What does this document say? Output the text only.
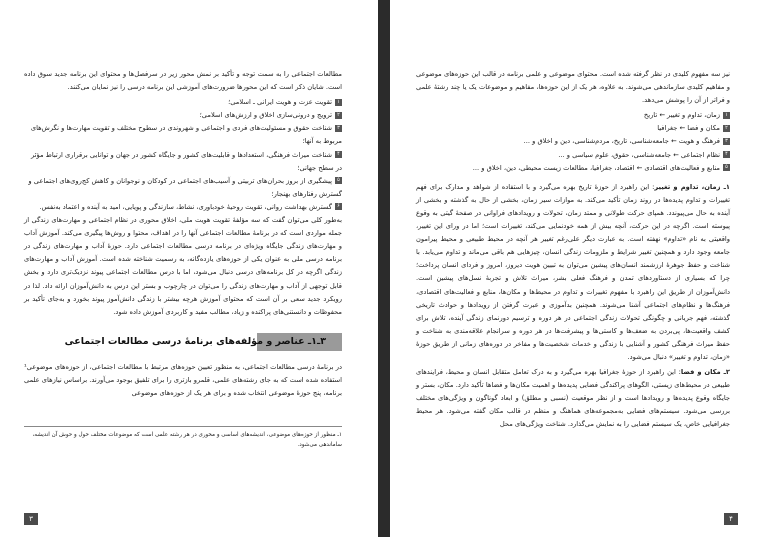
مطالعات اجتماعی را به سمت توجه و تأکید بر نمش محور زیر در سرفصل‌ها و محتوای این برنامه جدید سوق داده است. شایان ذکر است که این محورها ضرورت‌های آموزشی این برنامه درسی را نیز نمایان می‌کنند.

۱تقویت عزت و هویت ایرانی ـ اسلامی؛

۲ترویج و درونی‌سازی اخلاق و ارزش‌های اسلامی؛

۳شناخت حقوق و مسئولیت‌های فردی و اجتماعی و شهروندی در سطوح مختلف و تقویت مهارت‌ها و نگرش‌های مربوط به آنها؛

۴شناخت میراث فرهنگی، استعدادها و قابلیت‌های کشور و جایگاه کشور در جهان و توانایی برقراری ارتباط مؤثر در سطح جهانی؛

۵پیشگیری از بروز بحران‌های تربیتی و آسیب‌های اجتماعی در کودکان و نوجوانان و کاهش کج‌روی‌های اجتماعی و گسترش رفتارهای بهنجار؛

۶گسترش بهداشت روانی، تقویت روحیهٔ خودباوری، نشاط، سازندگی و پویایی، امید به آینده و اعتماد به‌نفس.

به‌طور کلی می‌توان گفت که سه مؤلفهٔ تقویت هویت ملی، اخلاق محوری در نظام اجتماعی و مهارت‌های زندگی از جمله مواردی است که در برنامهٔ مطالعات اجتماعی آنها را در اهداف، محتوا و روش‌ها پیگیری می‌کند. آموزش آداب و مهارت‌های زندگی جایگاه ویژه‌ای در برنامه درسی مطالعات اجتماعی دارد. حوزهٔ آداب و مهارت‌های زندگی در برنامه درسی ملی به عنوان یکی از حوزه‌های یازده‌گانه، به رسمیت شناخته شده است. آموزش آداب و مهارت‌های زندگی اگرچه در کل برنامه‌های درسی دنبال می‌شود، اما با درس مطالعات اجتماعی پیوند نزدیک‌تری دارد و بخش قابل توجهی از آداب و مهارت‌های زندگی را می‌توان در چارچوب و بستر این درس به دانش‌آموزان ارائه داد. لذا در رویکرد جدید سعی بر آن است که محتوای آموزش هرچه بیشتر با زندگی دانش‌آموز پیوند بخورد و به‌جای تأکید بر محفوظات و دانستنی‌های پراکنده و زیاد، مطالب مفید و کاربردی آموزش داده شود.

۳ـ۱ـ عناصر و مؤلفه‌های برنامهٔ درسی مطالعات اجتماعی

در برنامهٔ درسی مطالعات اجتماعی، به منظور تعیین حوزه‌های مرتبط با مطالعات اجتماعی، از حوزه‌های موضوعی¹ استفاده شده است که به جای رشته‌های علمی، قلمرو بازتری را برای تلفیق بوجود می‌آورند. براساس نیازهای علمی برنامه، پنج حوزهٔ موضوعی انتخاب شده و برای هر یک از حوزه‌های موضوعی

۱ـ منظور از حوزه‌های موضوعی، اندیشه‌های اساسی و محوری در هر رشته علمی است که موضوعات مختلف حول و حوش آن اندیشه، ساماندهی می‌شود.

۳

نیز سه مفهوم کلیدی در نظر گرفته شده است. محتوای موضوعی و علمی برنامه در قالب این حوزه‌های موضوعی و مفاهیم کلیدی سازماندهی می‌شوند. به علاوه، هر یک از این حوزه‌ها، مفاهیم و موضوعات یک یا چند رشتهٔ علمی و فراتر از آن را پوشش می‌دهد.

۱زمان، تداوم و تغییر ← تاریخ

۲مکان و فضا ← جغرافیا

۳فرهنگ و هویت ← جامعه‌شناسی، تاریخ، مردم‌شناسی، دین و اخلاق و ...

۴نظام اجتماعی ← جامعه‌شناسی، حقوق، علوم سیاسی و ...

۵منابع و فعالیت‌های اقتصادی ← اقتصاد، جغرافیا، مطالعات زیست محیطی، دین، اخلاق و ...

۱ـ زمان، تداوم و تغییر: این راهبرد از حوزهٔ تاریخ بهره می‌گیرد و با استفاده از شواهد و مدارک برای فهم تغییرات و تداوم پدیده‌ها در روند زمان تأکید می‌کند. به موازات سیر زمان، بخشی از حال به گذشته و بخشی از آینده به حال می‌پیوندد. همپای حرکت طولانی و ممتد زمان، تحولات و رویدادهای فراوانی در صفحهٔ گیتی به وقوع پیوسته است. اگرچه در این حرکت، آنچه بیش از همه خودنمایی می‌کند، تغییرات است؛ اما در ورای این تغییر، واقعیتی به نام «تداوم» نهفته است. به عبارت دیگر علی‌رغم تغییر هر آنچه در محیط طبیعی و محیط پیرامون جامعه وجود دارد و همچنین تغییر شرایط و ملزومات زندگی انسان، چیزهایی هم باقی می‌ماند و تداوم می‌یابد. با شناخت و حفظ جوهرهٔ ارزشمند انسان‌های پیشین می‌توان به تبیین هویت دیروز، امروز و فردای انسان پرداخت؛ چرا که بسیاری از دستاوردهای تمدن و فرهنگ فعلی بشر، میراث تلاش و تجربهٔ نسل‌های پیشین است. دانش‌آموزان از طریق این راهبرد با مفهوم تغییرات و تداوم در محیط‌ها و مکان‌ها، منابع و فعالیت‌های اقتصادی، فرهنگ‌ها و نظام‌های اجتماعی آشنا می‌شوند. همچنین بدآموزی و عبرت گرفتن از رویدادها و حوادث تاریخی گذشته، فهم جریانی و چگونگی تحولات زندگی اجتماعی در هر دوره و ترسیم دورنمای زندگی آینده، تلاش برای کشف واقعیت‌ها، پی‌بردن به ضعف‌ها و کاستی‌ها و پیشرفت‌ها در هر دوره و سرانجام علاقه‌مندی به شناخت و حفظ میراث فرهنگی کشور و آشنایی با زندگی و خدمات شخصیت‌ها و مفاخر در دوره‌های زمانی از طریق حوزهٔ «زمان، تداوم و تغییر» دنبال می‌شود.

۲ـ مکان و فضا: این راهبرد از حوزهٔ جغرافیا بهره می‌گیرد و به درک تعامل متقابل انسان و محیط، فرایندهای طبیعی در محیط‌های زیستی، الگوهای پراکندگی فضایی پدیده‌ها و اهمیت مکان‌ها و فضاها تأکید دارد. مکان، بستر و جایگاه وقوع پدیده‌ها و رویدادها است و از نظر موقعیت (نسبی و مطلق) و ابعاد گوناگون و ویژگی‌های مختلف بررسی می‌شود. سیستم‌های فضایی به‌مجموعه‌های هماهنگ و منظم در قالب مکان گفته می‌شود. هر محیط جغرافیایی خاص، یک سیستم فضایی را به نمایش می‌گذارد. شناخت ویژگی‌های محل

۴
